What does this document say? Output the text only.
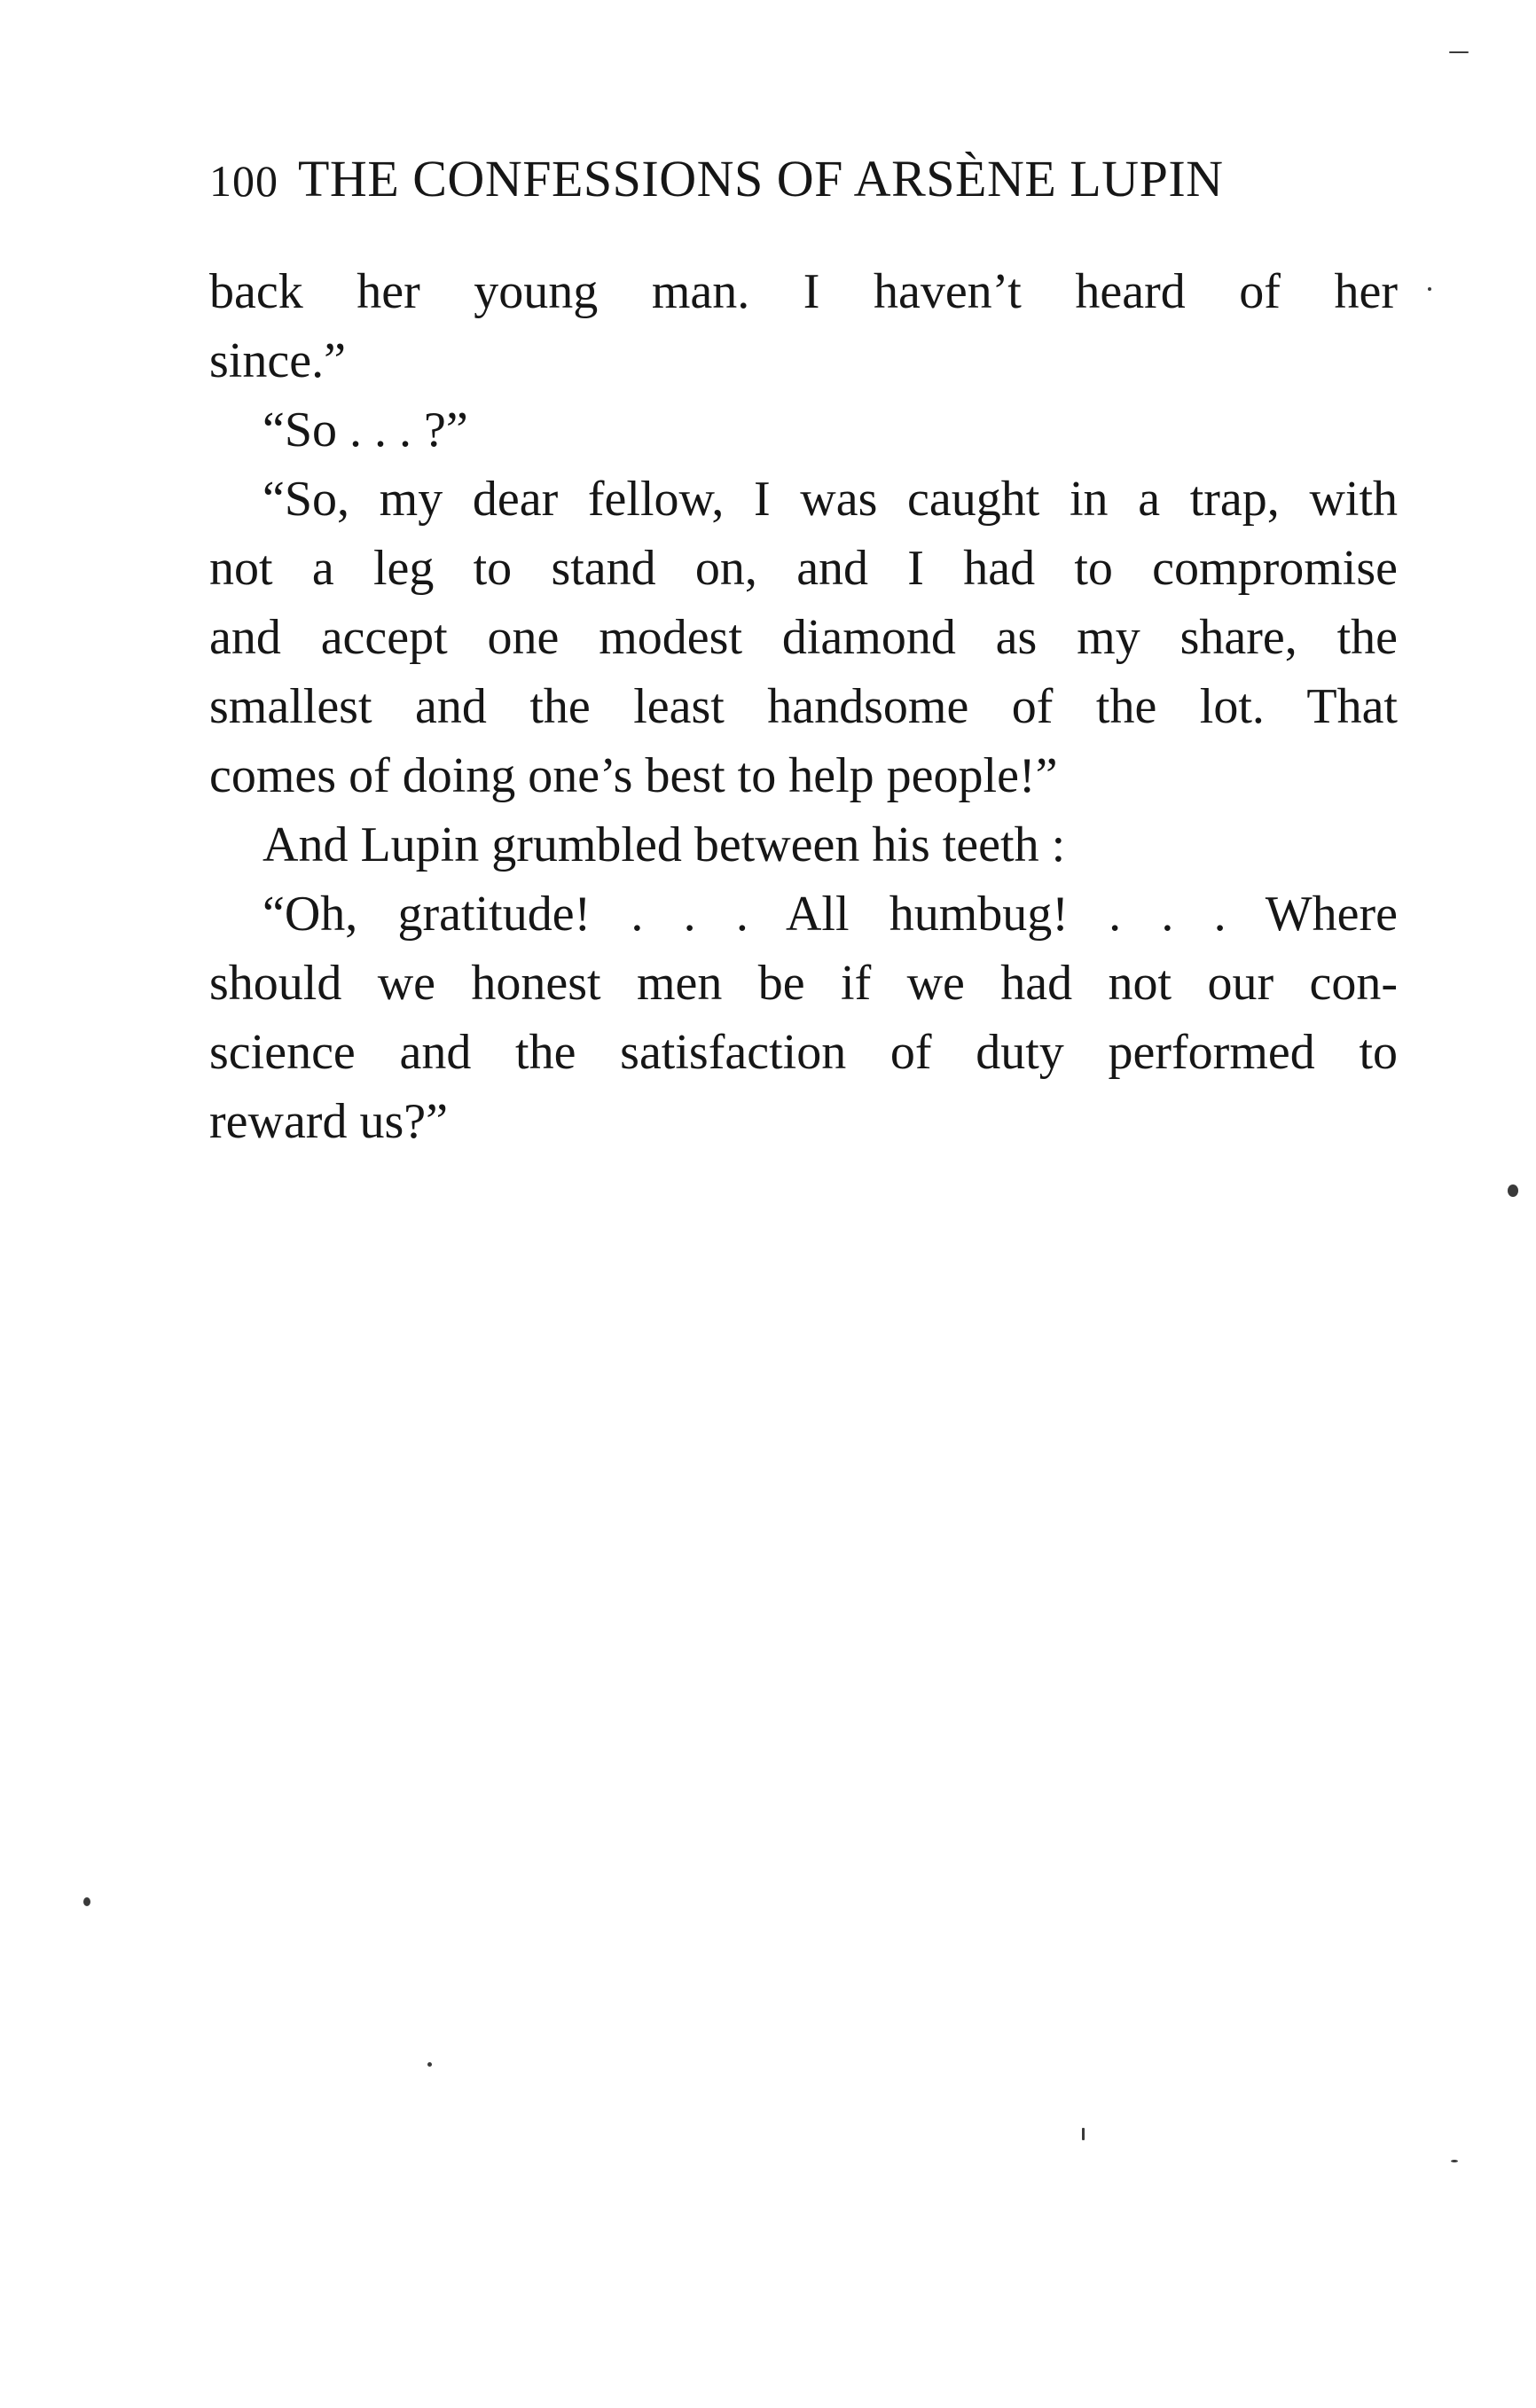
100 THE CONFESSIONS OF ARSÈNE LUPIN
back her young man. I haven’t heard of her
since.”
“So . . . ?”
“So, my dear fellow, I was caught in a trap, with
not a leg to stand on, and I had to compromise
and accept one modest diamond as my share, the
smallest and the least handsome of the lot. That
comes of doing one’s best to help people!”
And Lupin grumbled between his teeth :
“Oh, gratitude! . . . All humbug! . . . Where
should we honest men be if we had not our con-
science and the satisfaction of duty performed to
reward us?”
